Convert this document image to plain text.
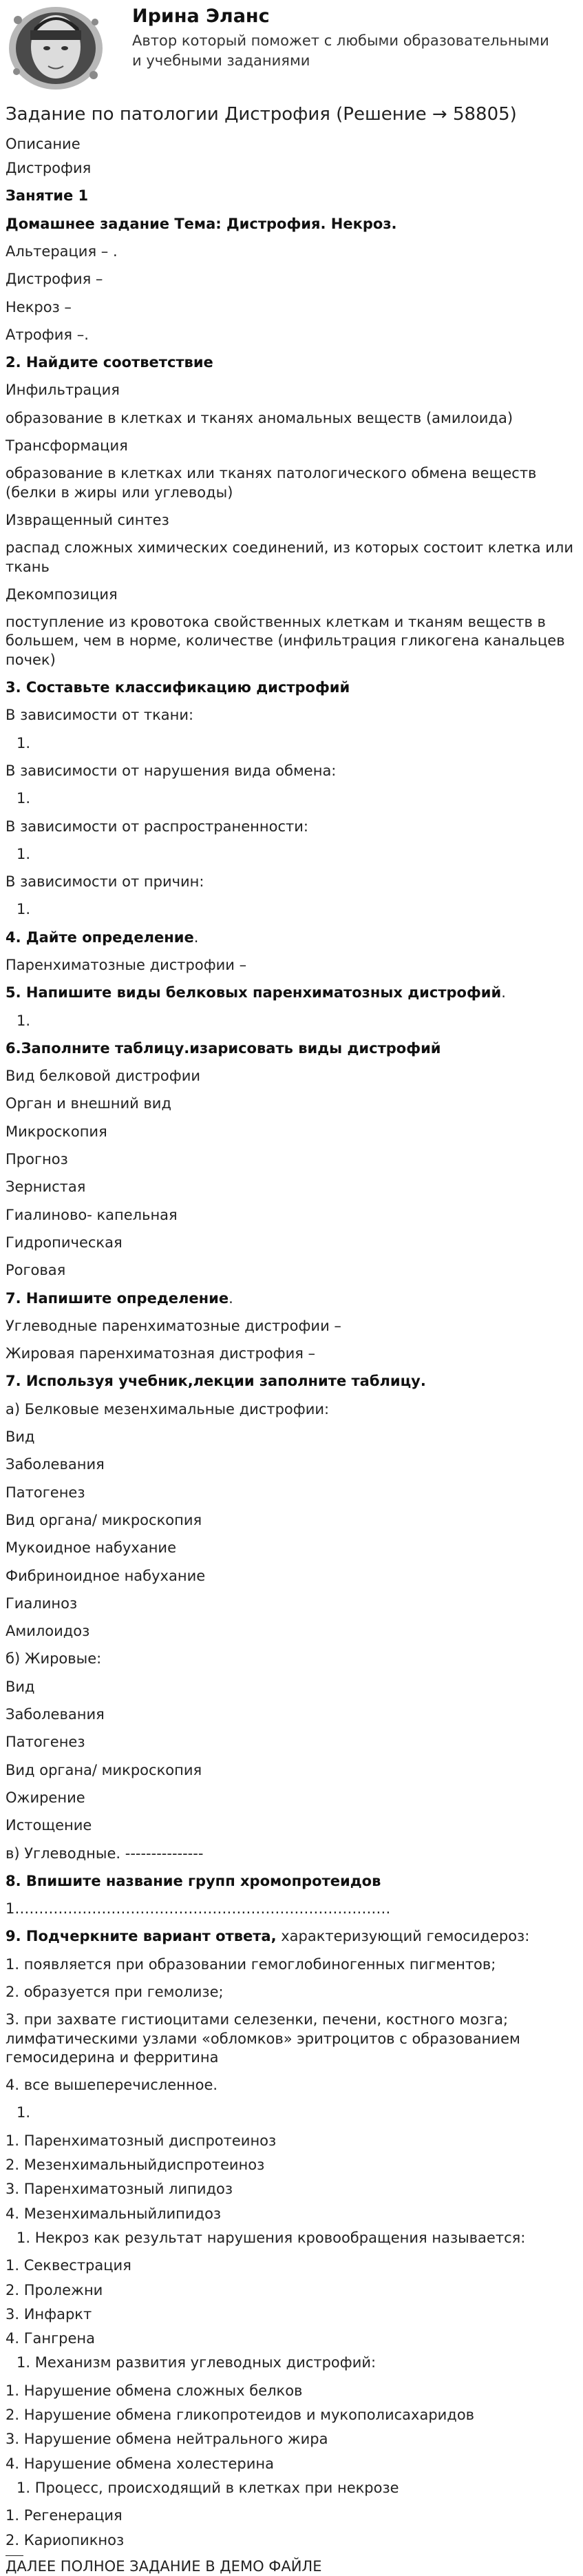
Ирина Эланс
Автор который поможет с любыми образовательными и учебными заданиями
Задание по патологии Дистрофия (Решение → 58805)

Описание

Дистрофия

Занятие 1

Домашнее задание Тема: Дистрофия. Некроз.

Альтерация – .

Дистрофия –

Некроз –

Атрофия –.

2. Найдите соответствие

Инфильтрация

образование в клетках и тканях аномальных веществ (амилоида)

Трансформация

образование в клетках или тканях патологического обмена веществ (белки в жиры или углеводы)

Извращенный синтез

распад сложных химических соединений, из которых состоит клетка или ткань

Декомпозиция

поступление из кровотока свойственных клеткам и тканям веществ в большем, чем в норме, количестве (инфильтрация гликогена канальцев почек)

3. Составьте классификацию дистрофий

В зависимости от ткани:

1.

В зависимости от нарушения вида обмена:

1.

В зависимости от распространенности:

1.

В зависимости от причин:

1.

4. Дайте определение.

Паренхиматозные дистрофии –

5. Напишите виды белковых паренхиматозных дистрофий.

1.

6.Заполните таблицу.изарисовать виды дистрофий

Вид белковой дистрофии

Орган и внешний вид

Микроскопия

Прогноз

Зернистая

Гиалиново- капельная

Гидропическая

Роговая

7. Напишите определение.

Углеводные паренхиматозные дистрофии –

Жировая паренхиматозная дистрофия –

7. Используя учебник,лекции заполните таблицу.

а) Белковые мезенхимальные дистрофии:

Вид

Заболевания

Патогенез

Вид органа/ микроскопия

Мукоидное набухание

Фибриноидное набухание

Гиалиноз

Амилоидоз

б) Жировые:

Вид

Заболевания

Патогенез

Вид органа/ микроскопия

Ожирение

Истощение

в) Углеводные. ---------------

8. Впишите название групп хромопротеидов

1……………………………………………………………………

9. Подчеркните вариант ответа, характеризующий гемосидероз:

1. появляется при образовании гемоглобиногенных пигментов;

2. образуется при гемолизе;

3. при захвате гистиоцитами селезенки, печени, костного мозга; лимфатическими узлами «обломков» эритроцитов с образованием гемосидерина и ферритина

4. все вышеперечисленное.

1.

1. Паренхиматозный диспротеиноз

2. Мезенхимальныйдиспротеиноз

3. Паренхиматозный липидоз

4. Мезенхимальныйлипидоз

1. Некроз как результат нарушения кровообращения называется:

1. Секвестрация

2. Пролежни

3. Инфаркт

4. Гангрена

1. Механизм развития углеводных дистрофий:

1. Нарушение обмена сложных белков

2. Нарушение обмена гликопротеидов и мукополисахаридов

3. Нарушение обмена нейтрального жира

4. Нарушение обмена холестерина

1. Процесс, происходящий в клетках при некрозе

1. Регенерация

2. Кариопикноз

ДАЛЕЕ ПОЛНОЕ ЗАДАНИЕ В ДЕМО ФАЙЛЕ
